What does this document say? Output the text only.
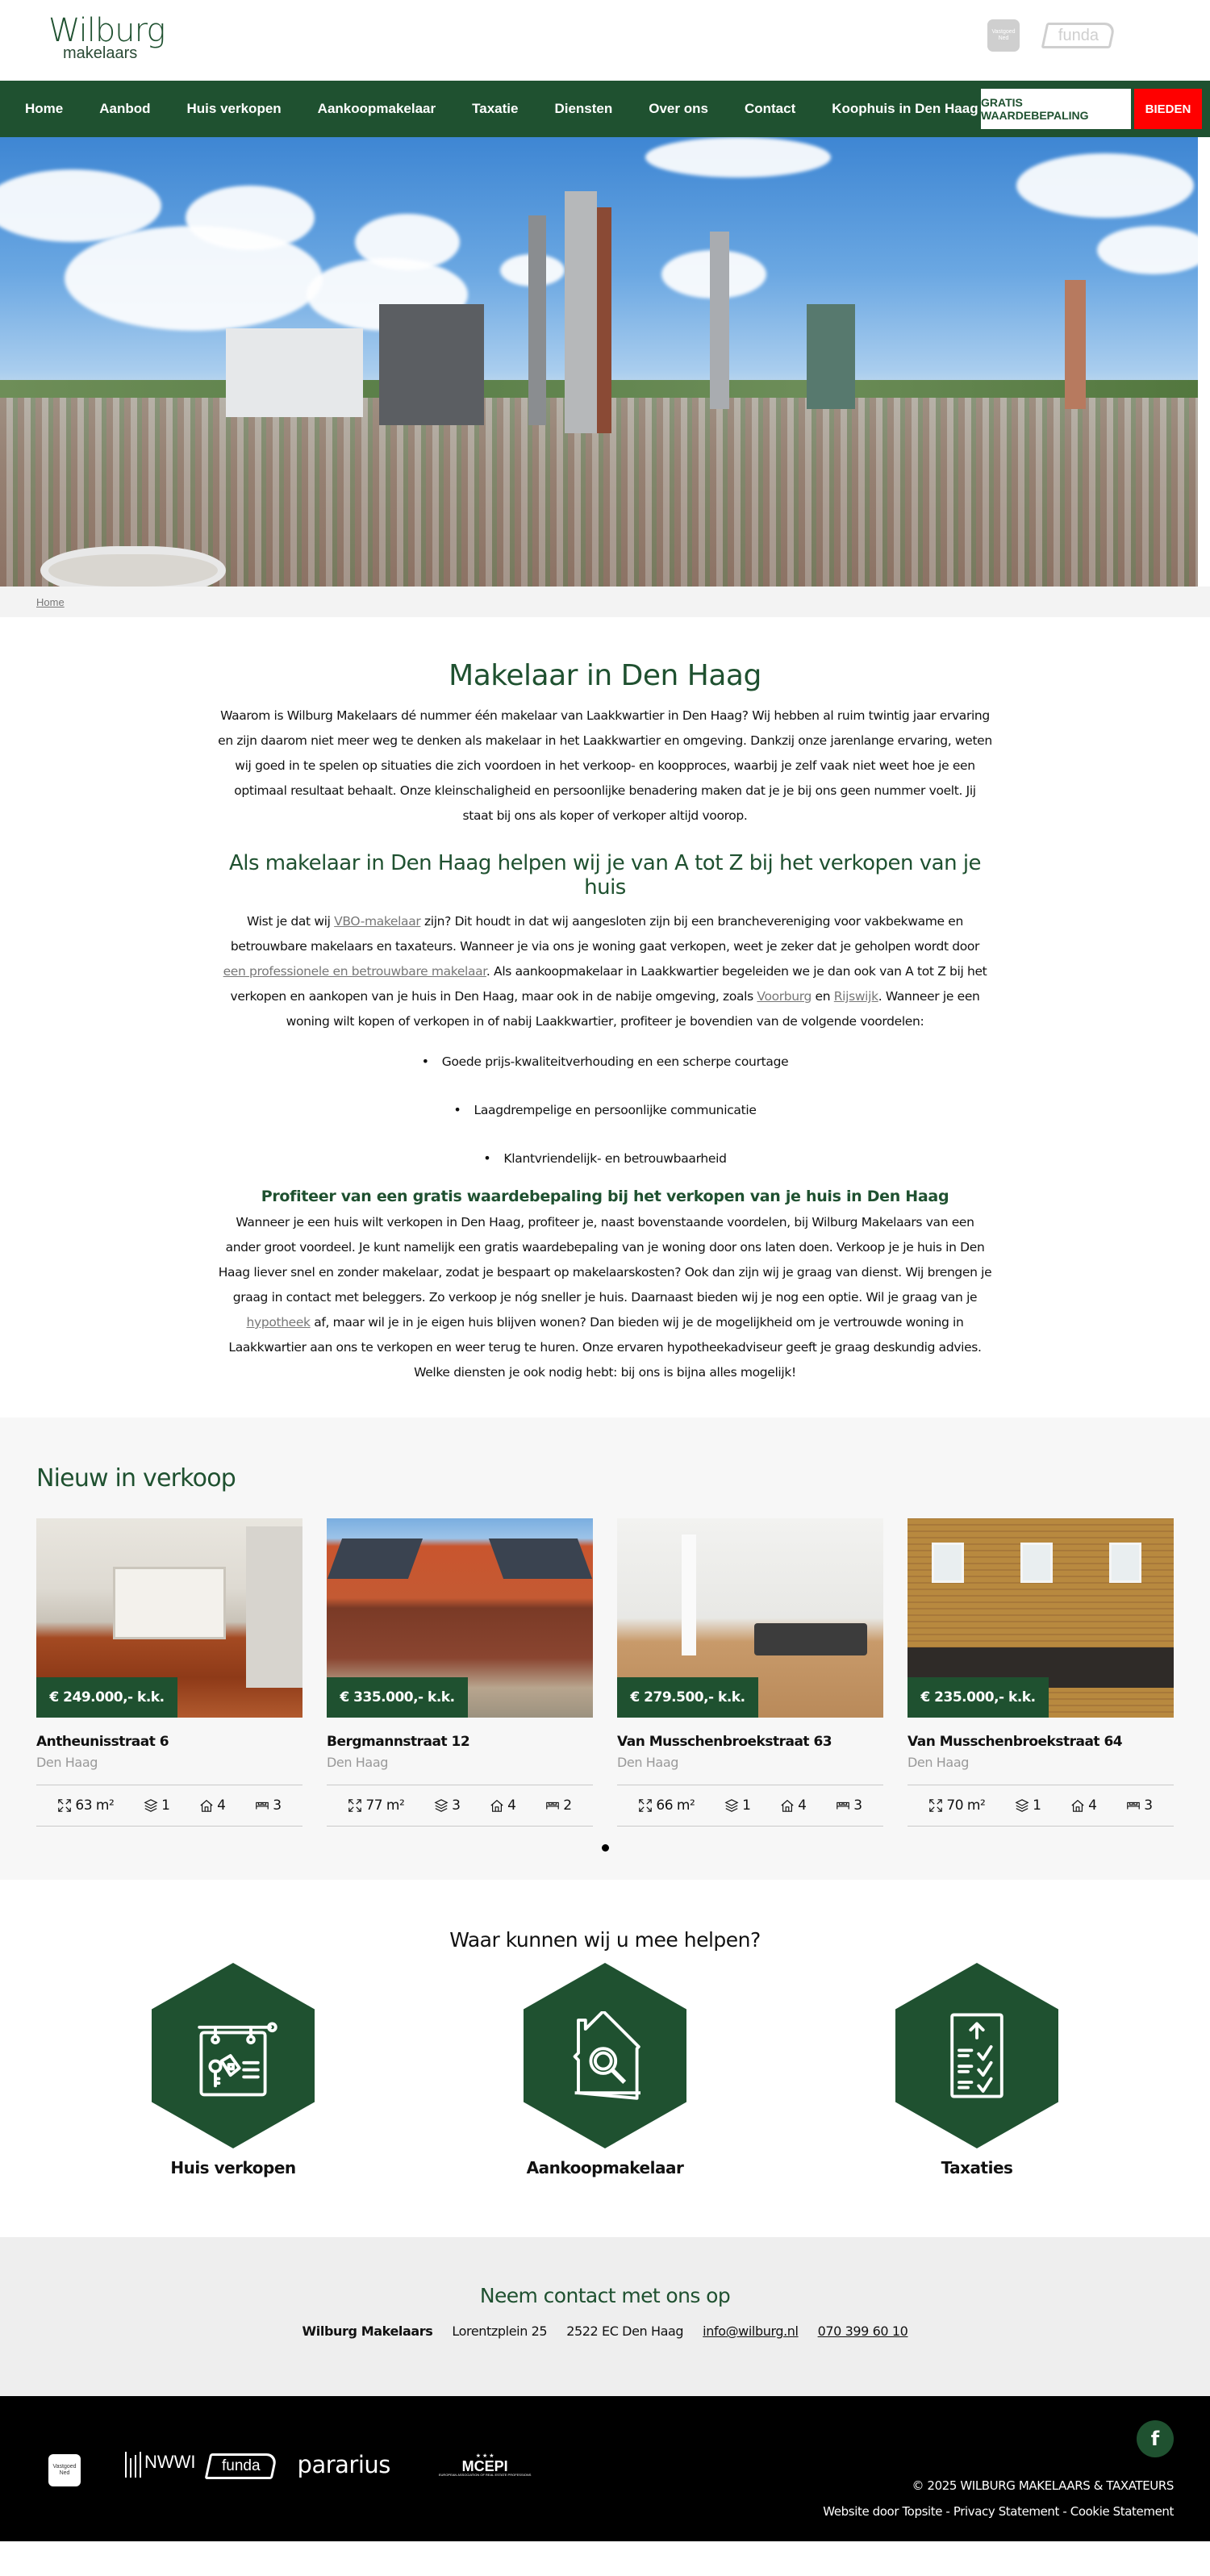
Wilburg
makelaars
Vastgoed Ned	funda
Home	Aanbod	Huis verkopen	Aankoopmakelaar	Taxatie	Diensten	Over ons	Contact	Koophuis in Den Haag GRATIS WAARDEBEPALING	BIEDEN
Home
Makelaar in Den Haag

Waarom is Wilburg Makelaars dé nummer één makelaar van Laakkwartier in Den Haag? Wij hebben al ruim twintig jaar ervaring en zijn daarom niet meer weg te denken als makelaar in het Laakkwartier en omgeving. Dankzij onze jarenlange ervaring, weten wij goed in te spelen op situaties die zich voordoen in het verkoop- en koopproces, waarbij je zelf vaak niet weet hoe je een optimaal resultaat behaalt. Onze kleinschaligheid en persoonlijke benadering maken dat je je bij ons geen nummer voelt. Jij staat bij ons als koper of verkoper altijd voorop.

Als makelaar in Den Haag helpen wij je van A tot Z bij het verkopen van je huis

Wist je dat wij VBO-makelaar zijn? Dit houdt in dat wij aangesloten zijn bij een branchevereniging voor vakbekwame en betrouwbare makelaars en taxateurs. Wanneer je via ons je woning gaat verkopen, weet je zeker dat je geholpen wordt door een professionele en betrouwbare makelaar. Als aankoopmakelaar in Laakkwartier begeleiden we je dan ook van A tot Z bij het verkopen en aankopen van je huis in Den Haag, maar ook in de nabije omgeving, zoals Voorburg en Rijswijk. Wanneer je een woning wilt kopen of verkopen in of nabij Laakkwartier, profiteer je bovendien van de volgende voordelen:

• Goede prijs-kwaliteitverhouding en een scherpe courtage
• Laagdrempelige en persoonlijke communicatie
• Klantvriendelijk- en betrouwbaarheid
Profiteer van een gratis waardebepaling bij het verkopen van je huis in Den Haag

Wanneer je een huis wilt verkopen in Den Haag, profiteer je, naast bovenstaande voordelen, bij Wilburg Makelaars van een ander groot voordeel. Je kunt namelijk een gratis waardebepaling van je woning door ons laten doen. Verkoop je je huis in Den Haag liever snel en zonder makelaar, zodat je bespaart op makelaarskosten? Ook dan zijn wij je graag van dienst. Wij brengen je graag in contact met beleggers. Zo verkoop je nóg sneller je huis. Daarnaast bieden wij je nog een optie. Wil je graag van je hypotheek af, maar wil je in je eigen huis blijven wonen? Dan bieden wij je de mogelijkheid om je vertrouwde woning in Laakkwartier aan ons te verkopen en weer terug te huren. Onze ervaren hypotheekadviseur geeft je graag deskundig advies. Welke diensten je ook nodig hebt: bij ons is bijna alles mogelijk!

Nieuw in verkoop
€ 249.000,- k.k.
Antheunisstraat 6
Den Haag
63 m²	1	4	3
€ 335.000,- k.k.
Bergmannstraat 12
Den Haag
77 m²	3	4	2
€ 279.500,- k.k.
Van Musschenbroekstraat 63
Den Haag
66 m²	1	4	3
€ 235.000,- k.k.
Van Musschenbroekstraat 64
Den Haag
70 m²	1	4	3
Waar kunnen wij u mee helpen?
Huis verkopen	Aankoopmakelaar	Taxaties
Neem contact met ons op
Wilburg Makelaars Lorentzplein 25 2522 EC Den Haag info@wilburg.nl 070 399 60 10
Vastgoed Ned
NWWI funda pararius	★ ★ ★
MCEPI
EUROPEAN ASSOCIATION OF REAL ESTATE PROFESSIONS
f
© 2025 WILBURG MAKELAARS & TAXATEURS
Website door Topsite - Privacy Statement - Cookie Statement
